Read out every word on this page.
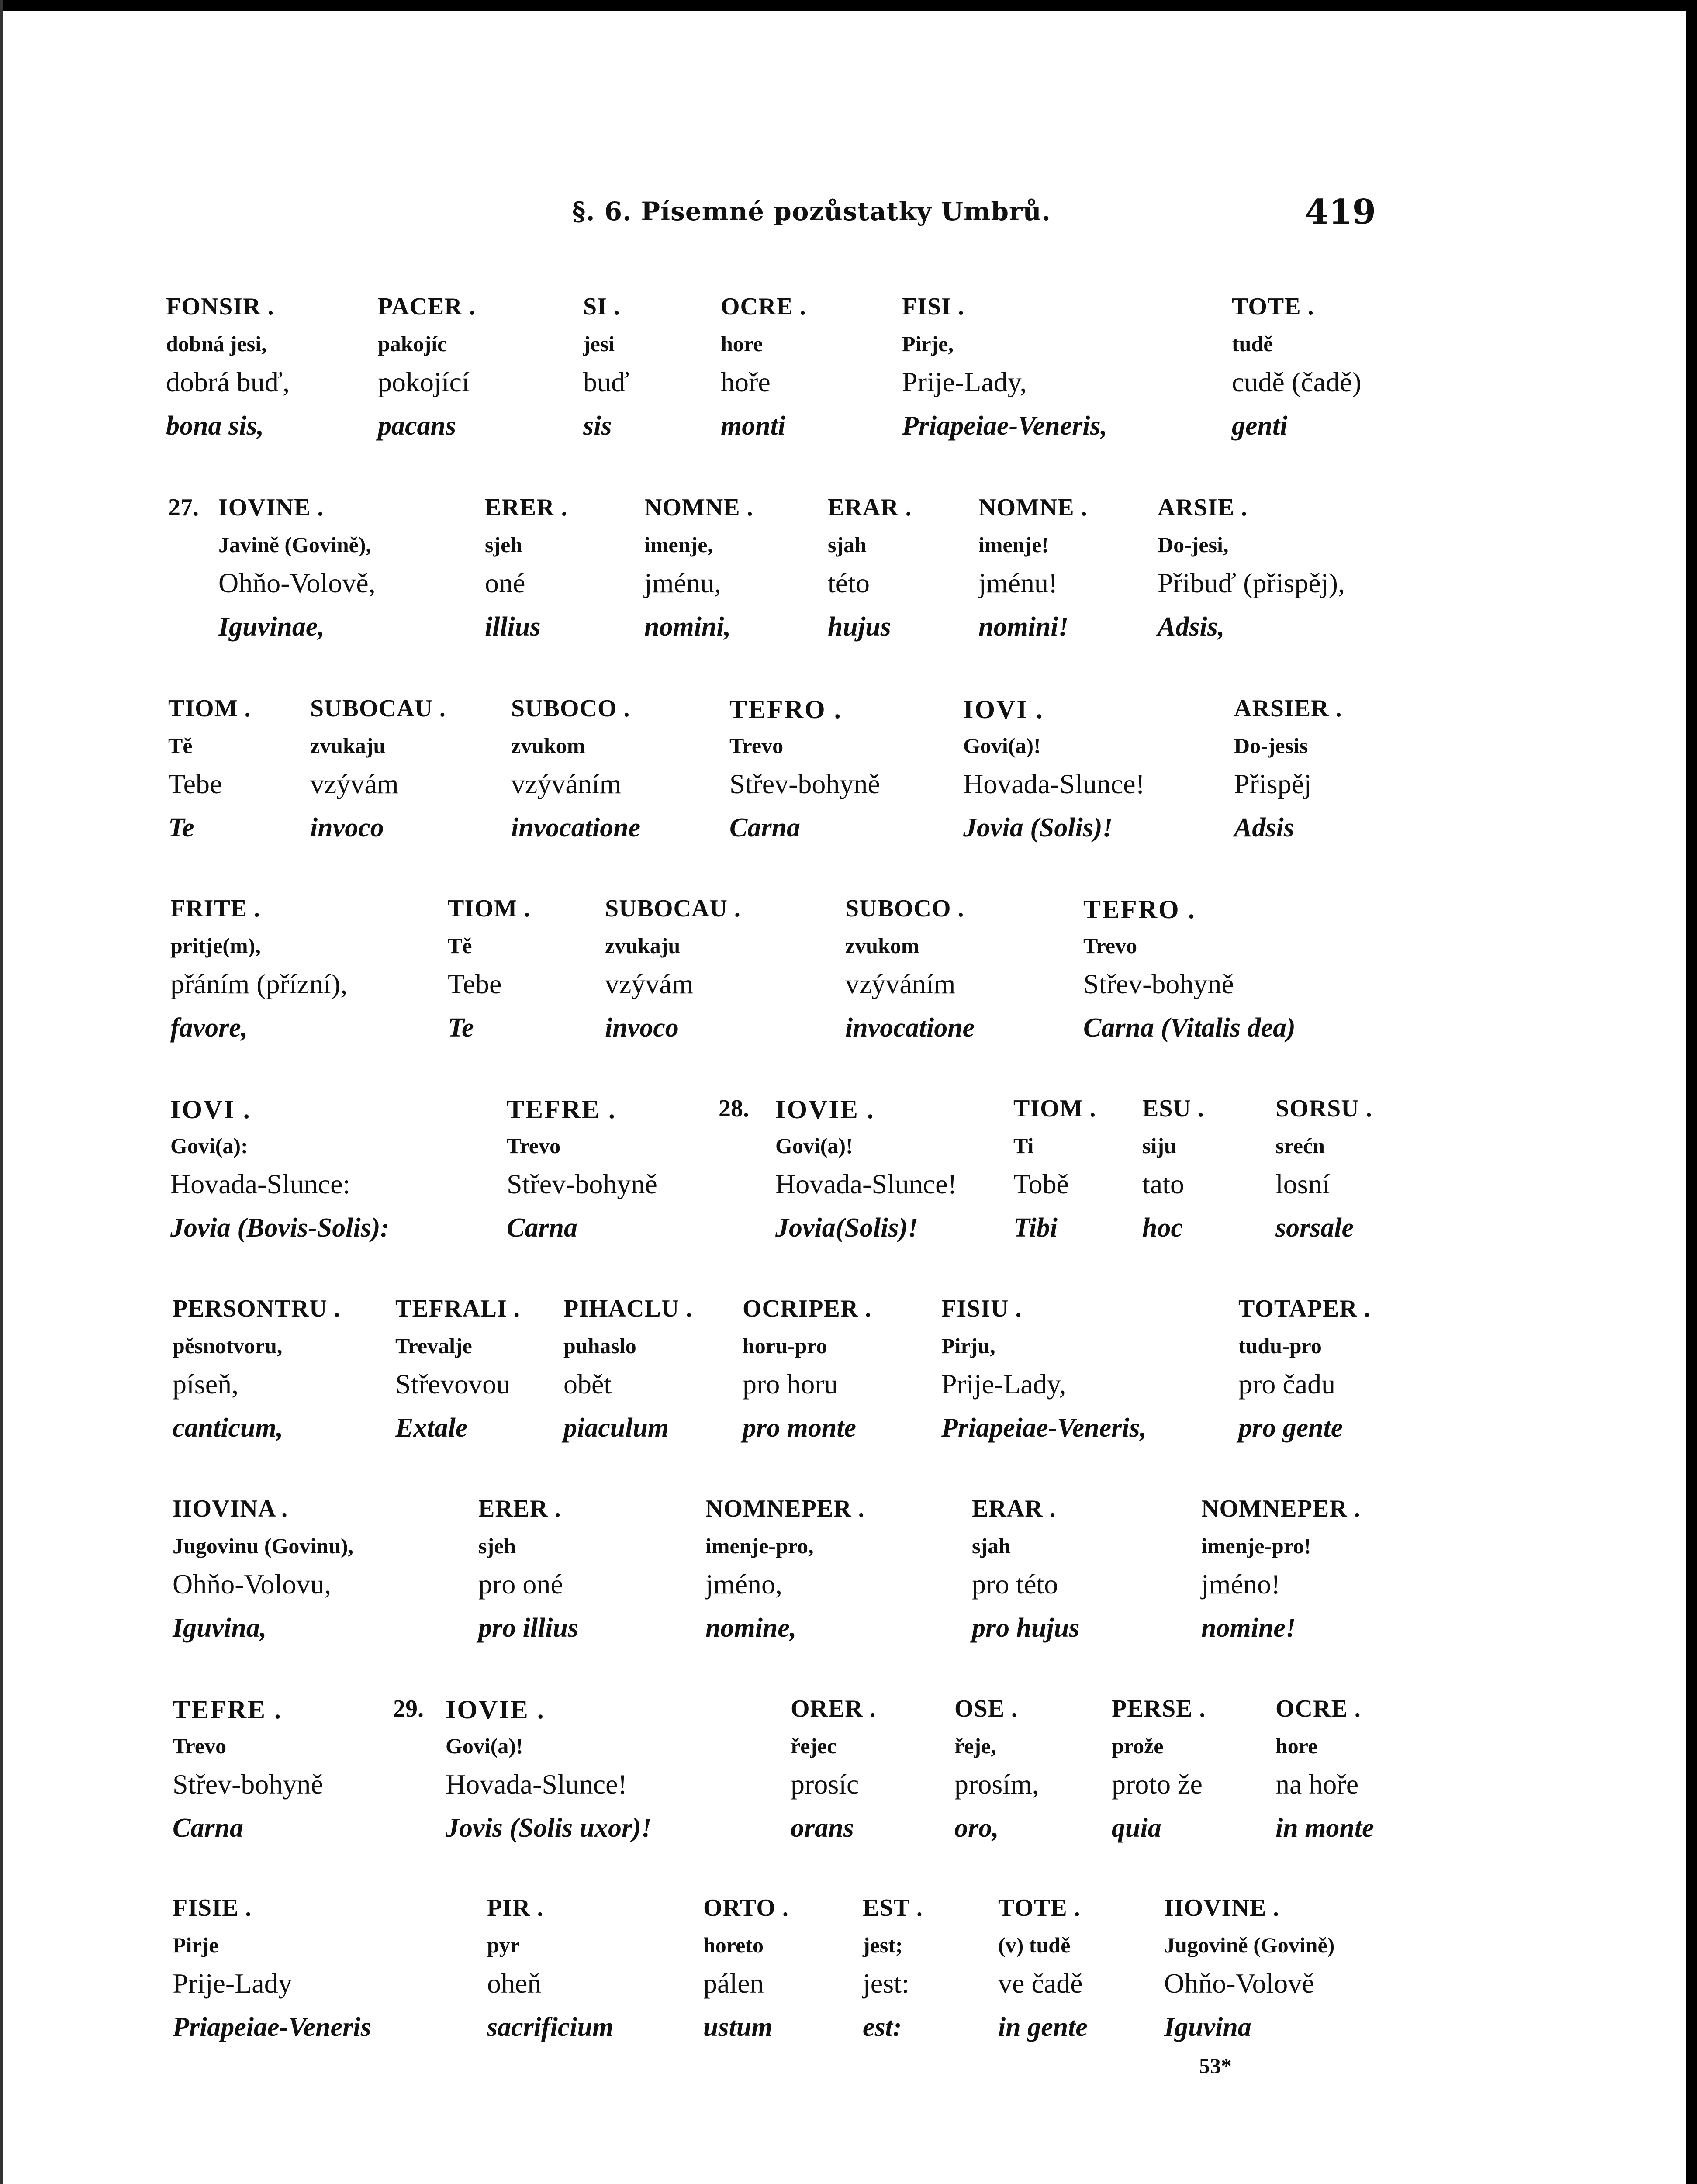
§. 6. Písemné pozůstatky Umbrů.	419
FONSIR .
dobná jesi,
dobrá buď,
bona sis,
PACER .
pakojíc
pokojící
pacans
SI .
jesi
buď
sis
OCRE .
hore
hoře
monti
FISI .
Pirje,
Prije-Lady,
Priapeiae-Veneris,
TOTE .
tudě
cudě (čadě)
genti
27. IOVINE .
Javině (Govině),
Ohňo-Volově,
Iguvinae,
ERER .
sjeh
oné
illius
NOMNE .
imenje,
jménu,
nomini,
ERAR .
sjah
této
hujus
NOMNE .
imenje!
jménu!
nomini!
ARSIE .
Do-jesi,
Přibuď (přispěj),
Adsis,
TIOM .
Tě
Tebe
Te
SUBOCAU .
zvukaju
vzývám
invoco
SUBOCO .
zvukom
vzýváním
invocatione
TEFRO .
Trevo
Střev-bohyně
Carna
IOVI .
Govi(a)!
Hovada-Slunce!
Jovia (Solis)!
ARSIER .
Do-jesis
Přispěj
Adsis
FRITE .
pritje(m),
přáním (přízní),
favore,
TIOM .
Tě
Tebe
Te
SUBOCAU .
zvukaju
vzývám
invoco
SUBOCO .
zvukom
vzýváním
invocatione
TEFRO .
Trevo
Střev-bohyně
Carna (Vitalis dea)
28.
IOVI .
Govi(a):
Hovada-Slunce:
Jovia (Bovis-Solis):
TEFRE .
Trevo
Střev-bohyně
Carna
IOVIE .
Govi(a)!
Hovada-Slunce!
Jovia(Solis)!
TIOM .
Ti
Tobě
Tibi
ESU .
siju
tato
hoc
SORSU .
srećn
losní
sorsale
PERSONTRU .
pěsnotvoru,
píseň,
canticum,
TEFRALI .
Trevalje
Střevovou
Extale
PIHACLU .
puhaslo
obět
piaculum
OCRIPER .
horu-pro
pro horu
pro monte
FISIU .
Pirju,
Prije-Lady,
Priapeiae-Veneris,
TOTAPER .
tudu-pro
pro čadu
pro gente
IIOVINA .
Jugovinu (Govinu),
Ohňo-Volovu,
Iguvina,
ERER .
sjeh
pro oné
pro illius
NOMNEPER .
imenje-pro,
jméno,
nomine,
ERAR .
sjah
pro této
pro hujus
NOMNEPER .
imenje-pro!
jméno!
nomine!
29.
TEFRE .
Trevo
Střev-bohyně
Carna
IOVIE .
Govi(a)!
Hovada-Slunce!
Jovis (Solis uxor)!
ORER .
řejec
prosíc
orans
OSE .
řeje,
prosím,
oro,
PERSE .
prože
proto že
quia
OCRE .
hore
na hoře
in monte
FISIE .
Pirje
Prije-Lady
Priapeiae-Veneris
PIR .
pyr
oheň
sacrificium
ORTO .
horeto
pálen
ustum
EST .
jest;
jest:
est:
TOTE .
(v) tudě
ve čadě
in gente
IIOVINE .
Jugovině (Govině)
Ohňo-Volově
Iguvina
53*
